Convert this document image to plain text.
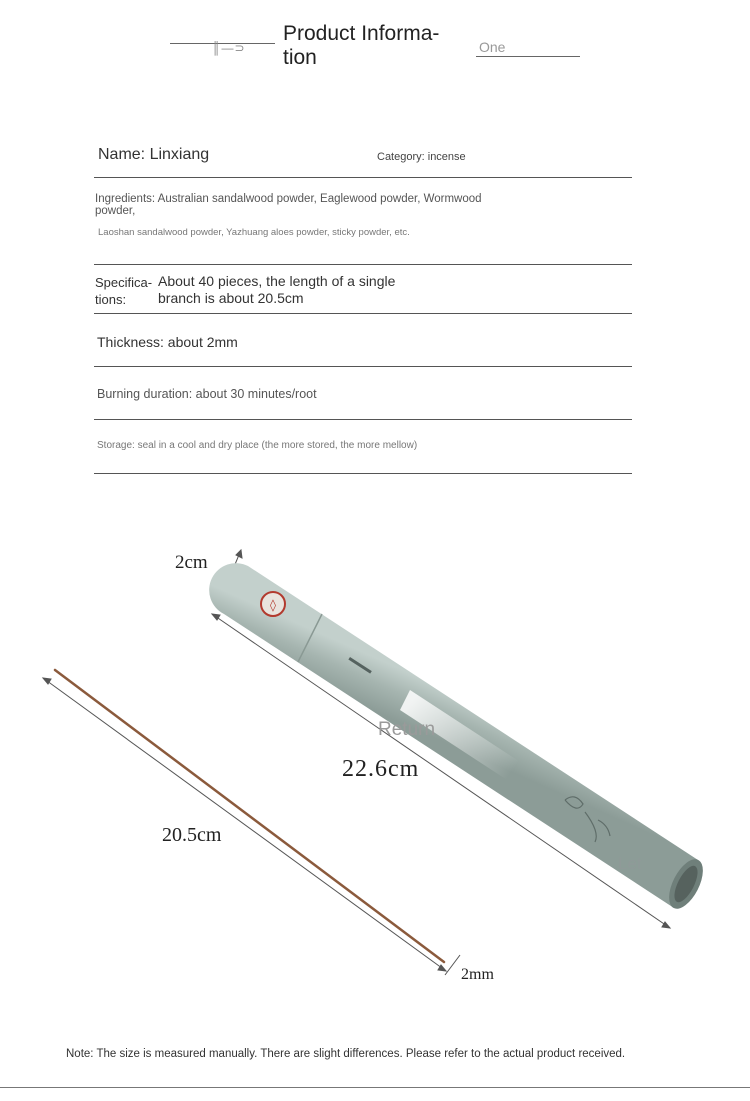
║—⊃
Product Informa-
tion	One
Name: Linxiang	Category: incense
Ingredients: Australian sandalwood powder, Eaglewood powder, Wormwood powder,
Laoshan sandalwood powder, Yazhuang aloes powder, sticky powder, etc.
Specifica-tions:
About 40 pieces, the length of a single branch is about 20.5cm
Thickness: about 2mm
Burning duration: about 30 minutes/root
Storage: seal in a cool and dry place (the more stored, the more mellow)
◊
2cm
Return
22.6cm
20.5cm
Let
2mm
Note: The size is measured manually. There are slight differences. Please refer to the actual product received.
